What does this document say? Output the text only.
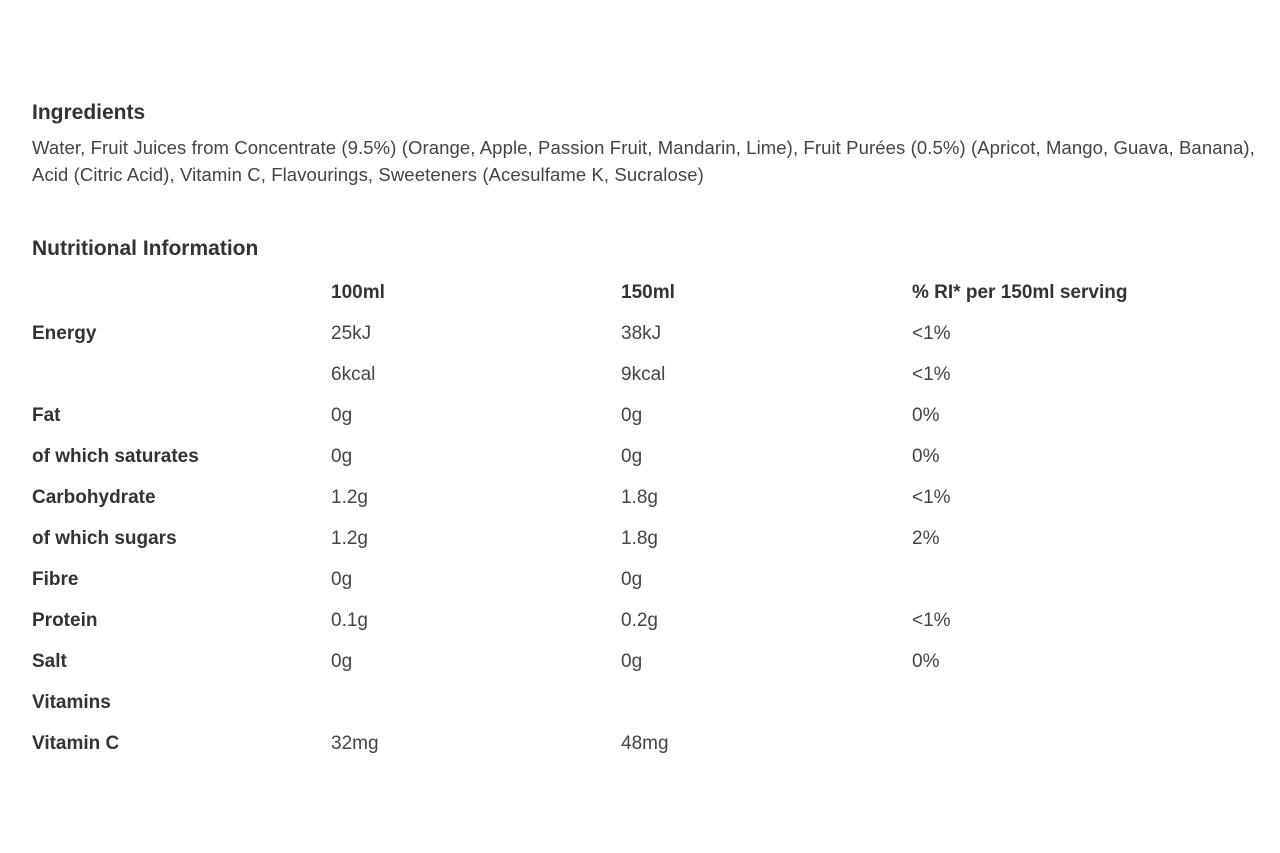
Ingredients

Water, Fruit Juices from Concentrate (9.5%) (Orange, Apple, Passion Fruit, Mandarin, Lime), Fruit Purées (0.5%) (Apricot, Mango, Guava, Banana), Acid (Citric Acid), Vitamin C, Flavourings, Sweeteners (Acesulfame K, Sucralose)

Nutritional Information
	100ml	150ml	% RI* per 150ml serving
Energy	25kJ	38kJ	<1%
	6kcal	9kcal	<1%
Fat	0g	0g	0%
of which saturates	0g	0g	0%
Carbohydrate	1.2g	1.8g	<1%
of which sugars	1.2g	1.8g	2%
Fibre	0g	0g	
Protein	0.1g	0.2g	<1%
Salt	0g	0g	0%
Vitamins			
Vitamin C	32mg	48mg	
